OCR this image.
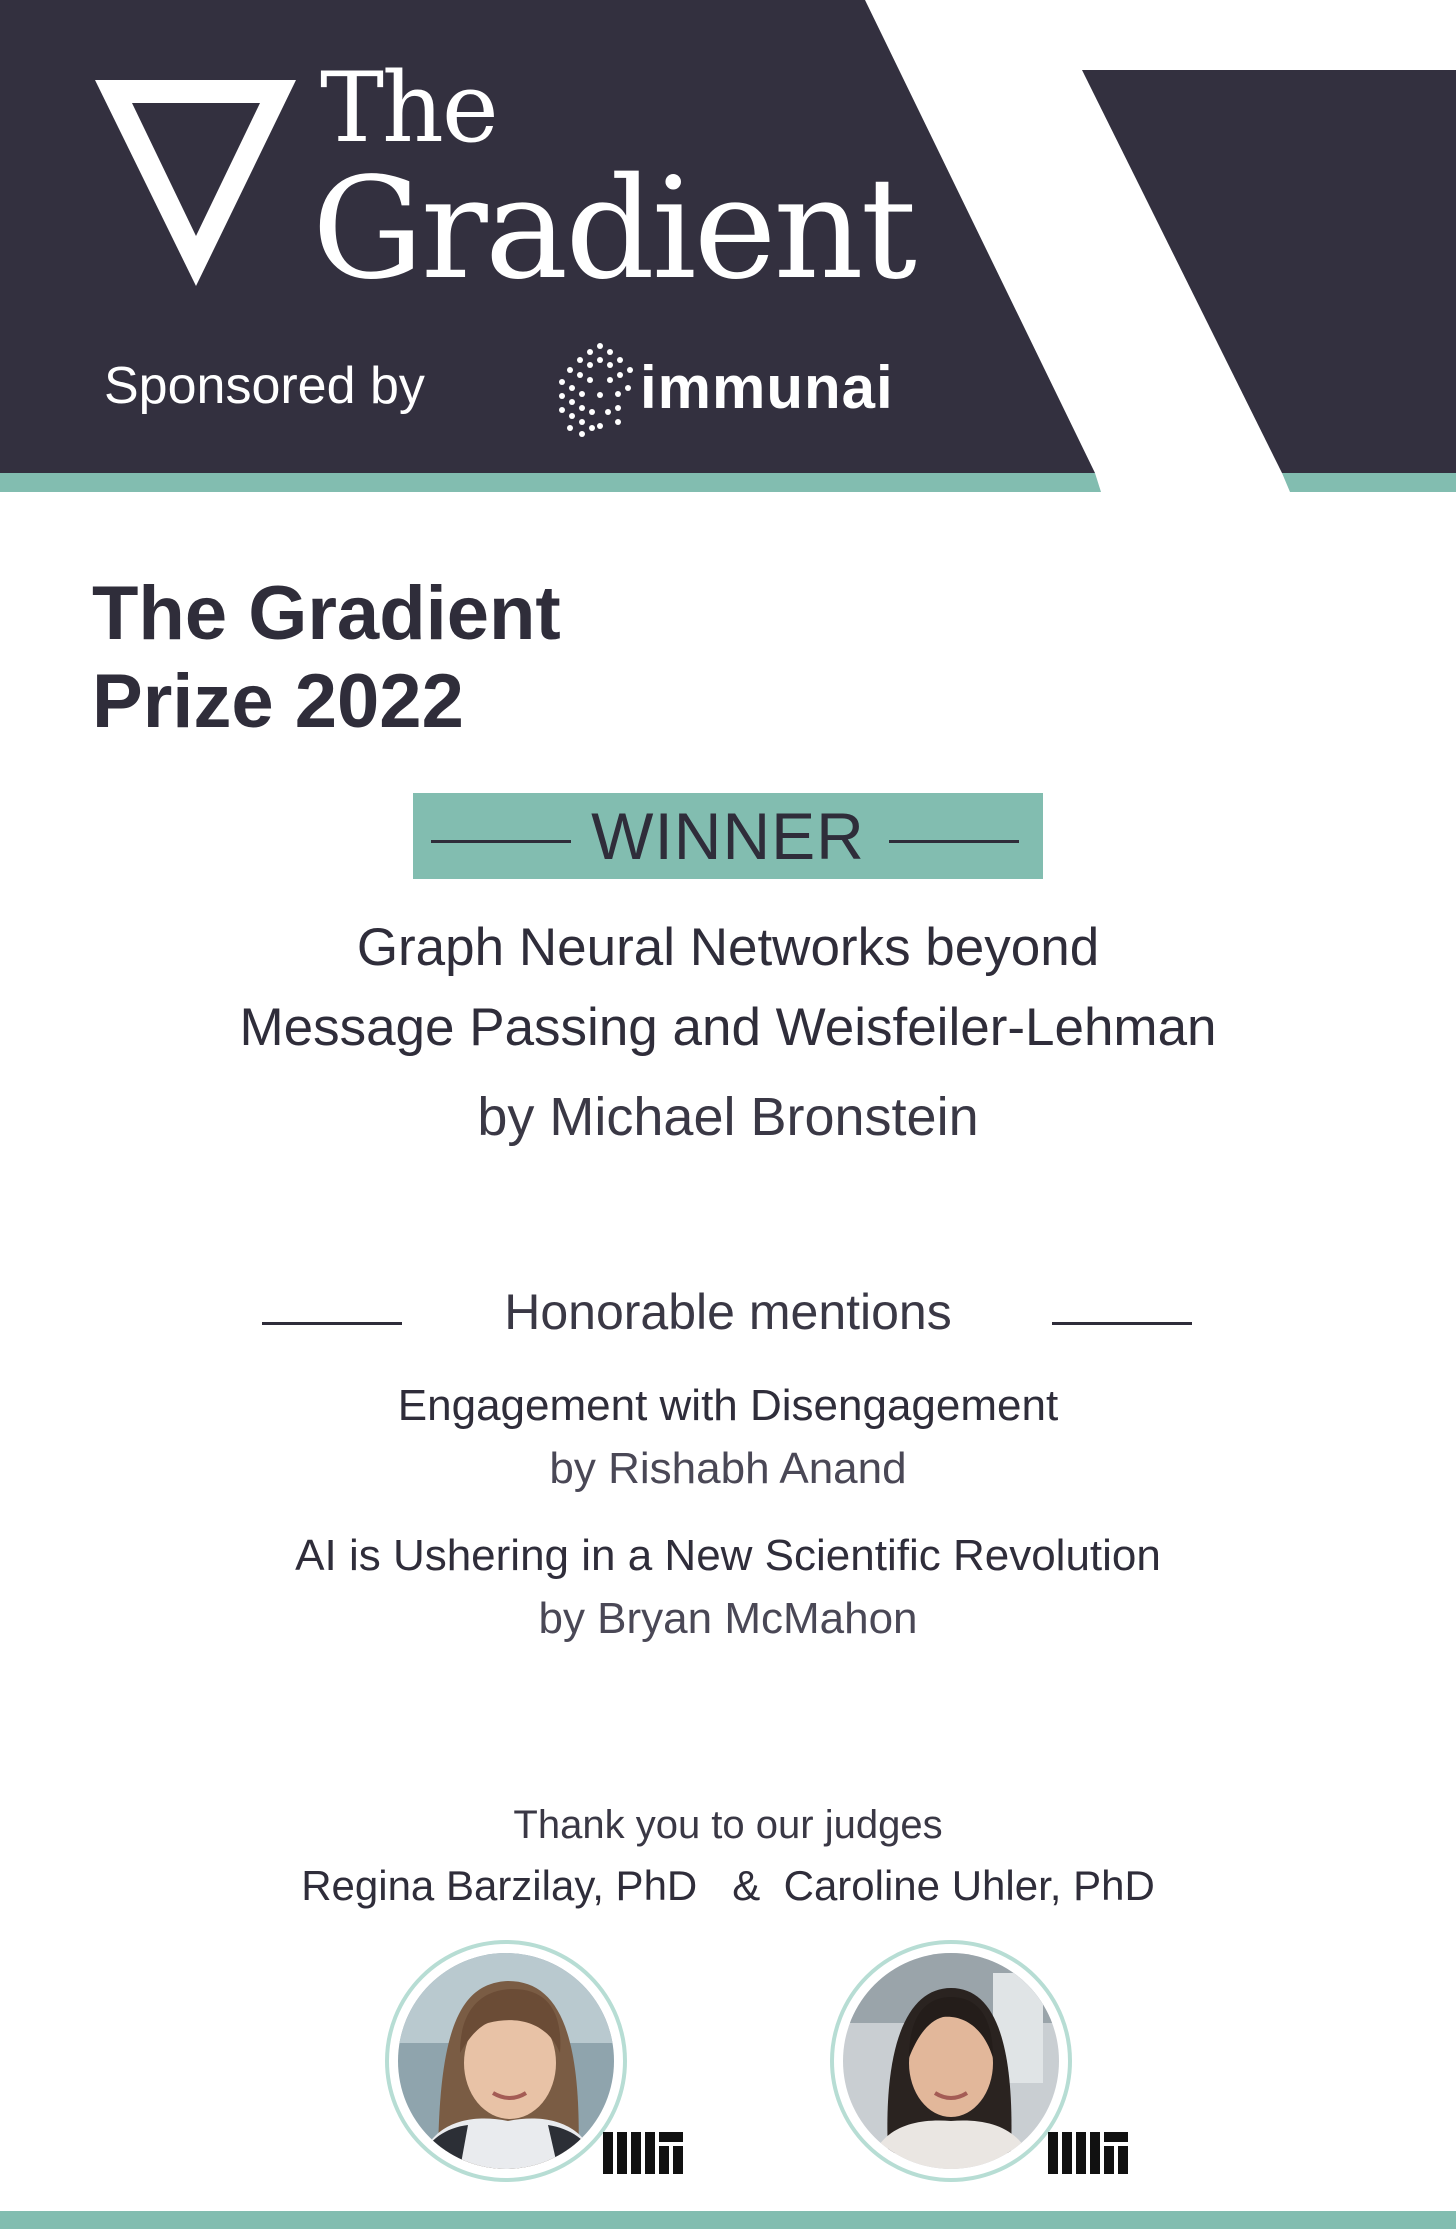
The
Gradient
Sponsored by	immunai
The Gradient
Prize 2022
WINNER
Graph Neural Networks beyond
Message Passing and Weisfeiler-Lehman
by Michael Bronstein
Honorable mentions
Engagement with Disengagement
by Rishabh Anand
AI is Ushering in a New Scientific Revolution
by Bryan McMahon
Thank you to our judges
Regina Barzilay, PhD   &  Caroline Uhler, PhD
